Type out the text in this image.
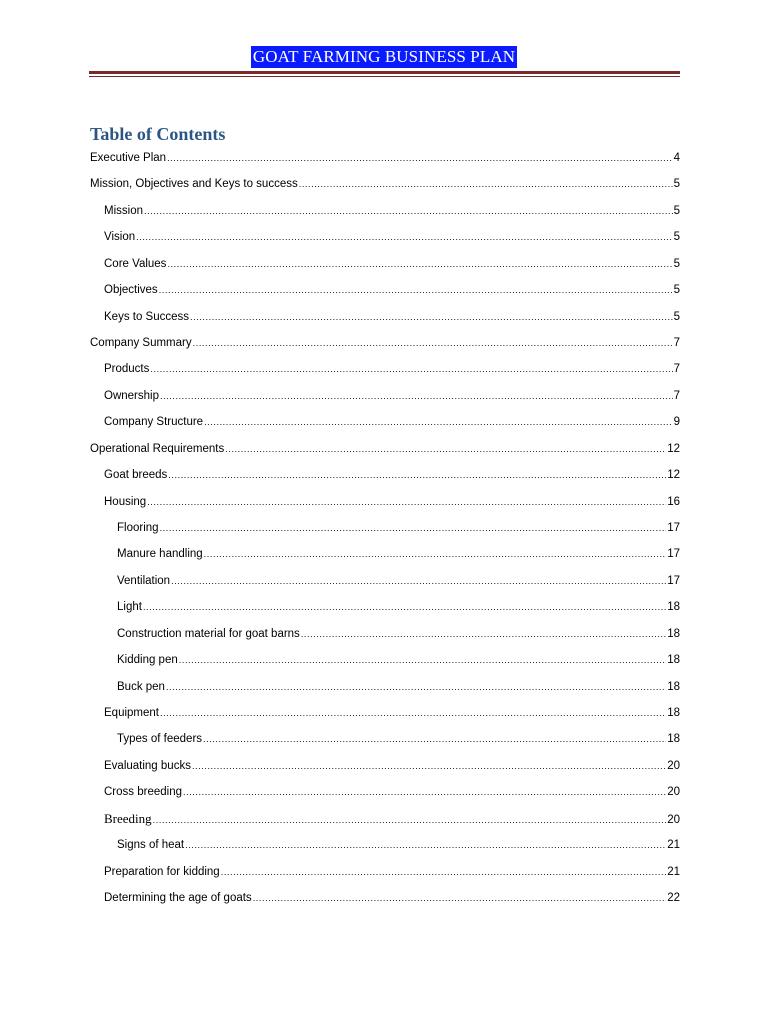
GOAT FARMING BUSINESS PLAN
Table of Contents
Executive Plan .....	4
Mission, Objectives and Keys to success .....	5
Mission .....	5
Vision .....	5
Core Values .....	5
Objectives .....	5
Keys to Success .....	5
Company Summary .....	7
Products .....	7
Ownership .....	7
Company Structure .....	9
Operational Requirements .....	12
Goat breeds .....	12
Housing .....	16
Flooring .....	17
Manure handling .....	17
Ventilation .....	17
Light .....	18
Construction material for goat barns .....	18
Kidding pen .....	18
Buck pen .....	18
Equipment .....	18
Types of feeders .....	18
Evaluating bucks .....	20
Cross breeding .....	20
Breeding .....	20
Signs of heat .....	21
Preparation for kidding .....	21
Determining the age of goats .....	22
